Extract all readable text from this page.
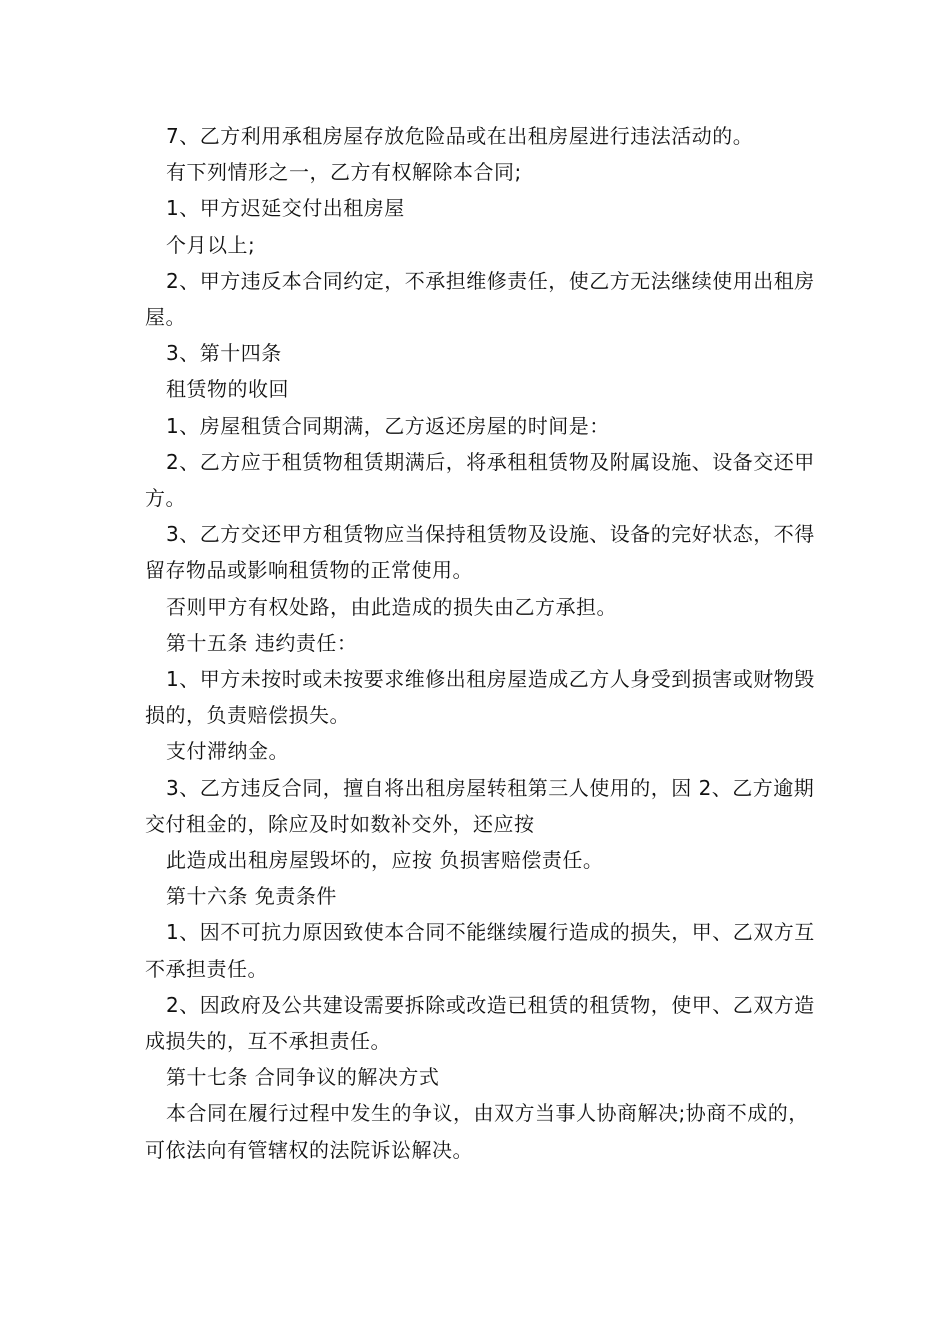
7、乙方利用承租房屋存放危险品或在出租房屋进行违法活动的。

有下列情形之一，乙方有权解除本合同;

1、甲方迟延交付出租房屋

个月以上;

2、甲方违反本合同约定，不承担维修责任，使乙方无法继续使用出租房屋。

3、第十四条

租赁物的收回

1、房屋租赁合同期满，乙方返还房屋的时间是：

2、乙方应于租赁物租赁期满后，将承租租赁物及附属设施、设备交还甲方。

3、乙方交还甲方租赁物应当保持租赁物及设施、设备的完好状态，不得留存物品或影响租赁物的正常使用。

否则甲方有权处路，由此造成的损失由乙方承担。

第十五条 违约责任：

1、甲方未按时或未按要求维修出租房屋造成乙方人身受到损害或财物毁损的，负责赔偿损失。

支付滞纳金。

3、乙方违反合同，擅自将出租房屋转租第三人使用的，因 2、乙方逾期交付租金的，除应及时如数补交外，还应按

此造成出租房屋毁坏的，应按 负损害赔偿责任。

第十六条 免责条件

1、因不可抗力原因致使本合同不能继续履行造成的损失，甲、乙双方互不承担责任。

2、因政府及公共建设需要拆除或改造已租赁的租赁物，使甲、乙双方造成损失的，互不承担责任。

第十七条 合同争议的解决方式

本合同在履行过程中发生的争议，由双方当事人协商解决;协商不成的，可依法向有管辖权的法院诉讼解决。
